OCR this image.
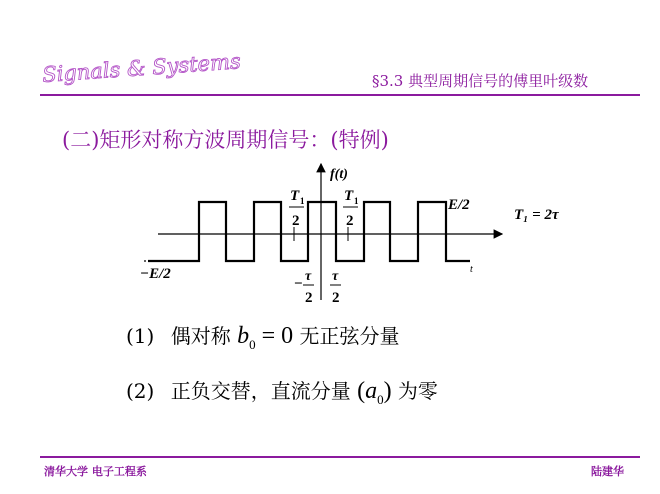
Signals & Systems	§3.3 典型周期信号的傅里叶级数
(二)矩形对称方波周期信号：(特例)
f(t)
t
E/2
−E/2
T₁ = 2τ
T 1
2
T 1
2
− τ
2
τ
2
(1) 偶对称 $b_0 = 0$ 无正弦分量
(2) 正负交替，直流分量 $(a_0)$ 为零
清华大学 电子工程系	陆建华
